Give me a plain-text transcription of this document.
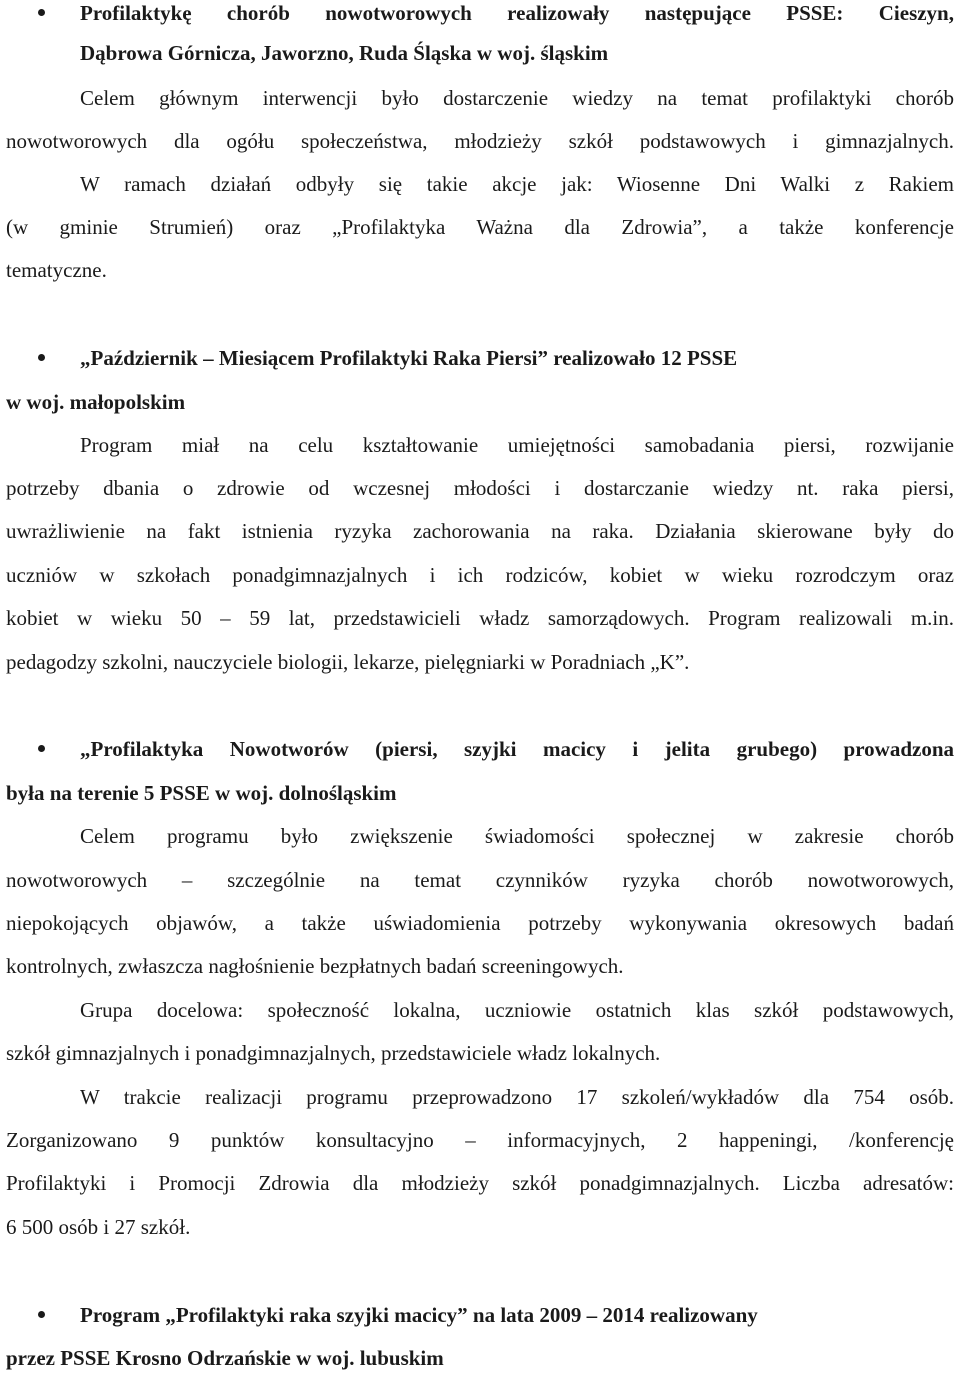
Profilaktykę chorób nowotworowych realizowały następujące PSSE: Cieszyn,
Dąbrowa Górnicza, Jaworzno, Ruda Śląska w woj. śląskim
Celem głównym interwencji było dostarczenie wiedzy na temat profilaktyki chorób
nowotworowych dla ogółu społeczeństwa, młodzieży szkół podstawowych i gimnazjalnych.
W ramach działań odbyły się takie akcje jak: Wiosenne Dni Walki z Rakiem
(w gminie Strumień) oraz „Profilaktyka Ważna dla Zdrowia”, a także konferencje
tematyczne.
„Październik – Miesiącem Profilaktyki Raka Piersi” realizowało 12 PSSE
w woj. małopolskim
Program miał na celu kształtowanie umiejętności samobadania piersi, rozwijanie
potrzeby dbania o zdrowie od wczesnej młodości i dostarczanie wiedzy nt. raka piersi,
uwrażliwienie na fakt istnienia ryzyka zachorowania na raka. Działania skierowane były do
uczniów w szkołach ponadgimnazjalnych i ich rodziców, kobiet w wieku rozrodczym oraz
kobiet w wieku 50 – 59 lat, przedstawicieli władz samorządowych. Program realizowali m.in.
pedagodzy szkolni, nauczyciele biologii, lekarze, pielęgniarki w Poradniach „K”.
„Profilaktyka Nowotworów (piersi, szyjki macicy i jelita grubego) prowadzona
była na terenie 5 PSSE w woj. dolnośląskim
Celem programu było zwiększenie świadomości społecznej w zakresie chorób
nowotworowych – szczególnie na temat czynników ryzyka chorób nowotworowych,
niepokojących objawów, a także uświadomienia potrzeby wykonywania okresowych badań
kontrolnych, zwłaszcza nagłośnienie bezpłatnych badań screeningowych.
Grupa docelowa: społeczność lokalna, uczniowie ostatnich klas szkół podstawowych,
szkół gimnazjalnych i ponadgimnazjalnych, przedstawiciele władz lokalnych.
W trakcie realizacji programu przeprowadzono 17 szkoleń/wykładów dla 754 osób.
Zorganizowano 9 punktów konsultacyjno – informacyjnych, 2 happeningi, /konferencję
Profilaktyki i Promocji Zdrowia dla młodzieży szkół ponadgimnazjalnych. Liczba adresatów:
6 500 osób i 27 szkół.
Program „Profilaktyki raka szyjki macicy” na lata 2009 – 2014 realizowany
przez PSSE Krosno Odrzańskie w woj. lubuskim
